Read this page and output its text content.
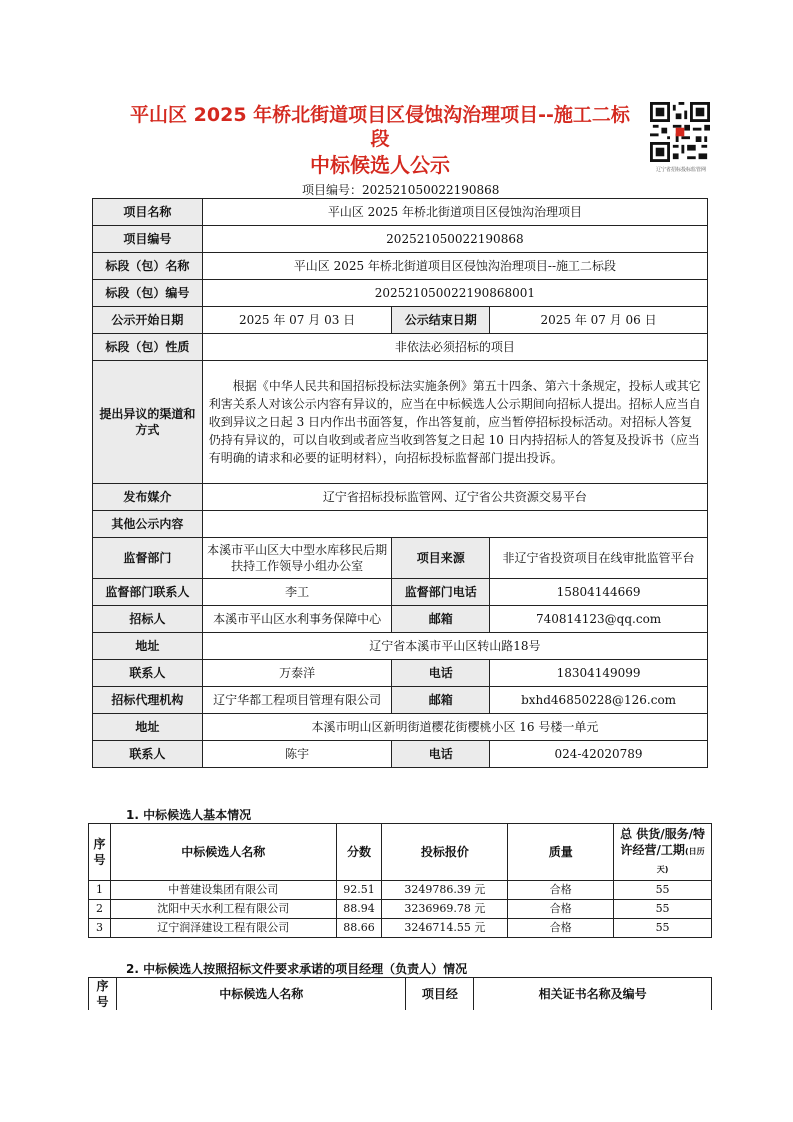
平山区 2025 年桥北街道项目区侵蚀沟治理项目--施工二标
段
中标候选人公示	辽宁省招标投标监管网
项目编号：202521050022190868
项目名称	平山区 2025 年桥北街道项目区侵蚀沟治理项目		
项目编号	202521050022190868		
标段（包）名称	平山区 2025 年桥北街道项目区侵蚀沟治理项目--施工二标段		
标段（包）编号	202521050022190868001		
公示开始日期	2025 年 07 月 03 日	公示结束日期	2025 年 07 月 06 日
标段（包）性质	非依法必须招标的项目		
提出异议的渠道和方式	根据《中华人民共和国招标投标法实施条例》第五十四条、第六十条规定，投标人或其它利害关系人对该公示内容有异议的，应当在中标候选人公示期间向招标人提出。招标人应当自收到异议之日起 3 日内作出书面答复，作出答复前，应当暂停招标投标活动。对招标人答复仍持有异议的，可以自收到或者应当收到答复之日起 10 日内持招标人的答复及投诉书（应当有明确的请求和必要的证明材料），向招标投标监督部门提出投诉。		
发布媒介	辽宁省招标投标监管网、辽宁省公共资源交易平台		
其他公示内容			
监督部门	本溪市平山区大中型水库移民后期扶持工作领导小组办公室	项目来源	非辽宁省投资项目在线审批监管平台
监督部门联系人	李工	监督部门电话	15804144669
招标人	本溪市平山区水利事务保障中心	邮箱	740814123@qq.com
地址	辽宁省本溪市平山区转山路18号		
联系人	万泰洋	电话	18304149099
招标代理机构	辽宁华都工程项目管理有限公司	邮箱	bxhd46850228@126.com
地址	本溪市明山区新明街道樱花街樱桃小区 16 号楼一单元		
联系人	陈宇	电话	024-42020789
1. 中标候选人基本情况
序号	中标候选人名称	分数	投标报价	质量	总 供货/服务/特许经营/工期(日历天)
1	中普建设集团有限公司	92.51	3249786.39 元	合格	55
2	沈阳中天水利工程有限公司	88.94	3236969.78 元	合格	55
3	辽宁润泽建设工程有限公司	88.66	3246714.55 元	合格	55
2. 中标候选人按照招标文件要求承诺的项目经理（负责人）情况
序号	中标候选人名称	项目经	相关证书名称及编号
